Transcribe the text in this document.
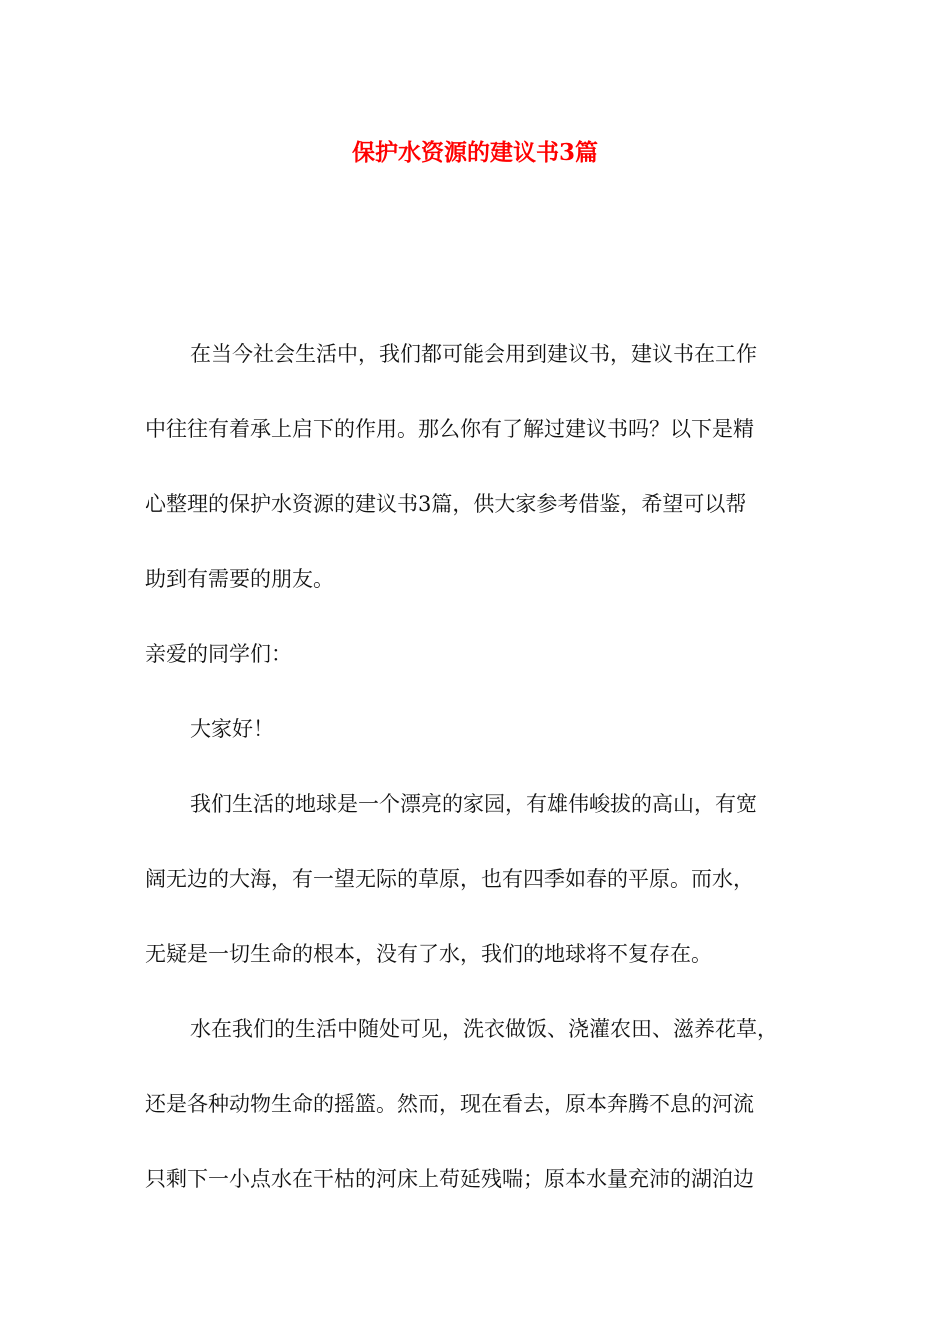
保护水资源的建议书3篇
在当今社会生活中，我们都可能会用到建议书，建议书在工作
中往往有着承上启下的作用。那么你有了解过建议书吗？以下是精
心整理的保护水资源的建议书3篇，供大家参考借鉴，希望可以帮
助到有需要的朋友。
亲爱的同学们：
大家好！
我们生活的地球是一个漂亮的家园，有雄伟峻拔的高山，有宽
阔无边的大海，有一望无际的草原，也有四季如春的平原。而水，
无疑是一切生命的根本，没有了水，我们的地球将不复存在。
水在我们的生活中随处可见，洗衣做饭、浇灌农田、滋养花草，
还是各种动物生命的摇篮。然而，现在看去，原本奔腾不息的河流
只剩下一小点水在干枯的河床上苟延残喘；原本水量充沛的湖泊边
